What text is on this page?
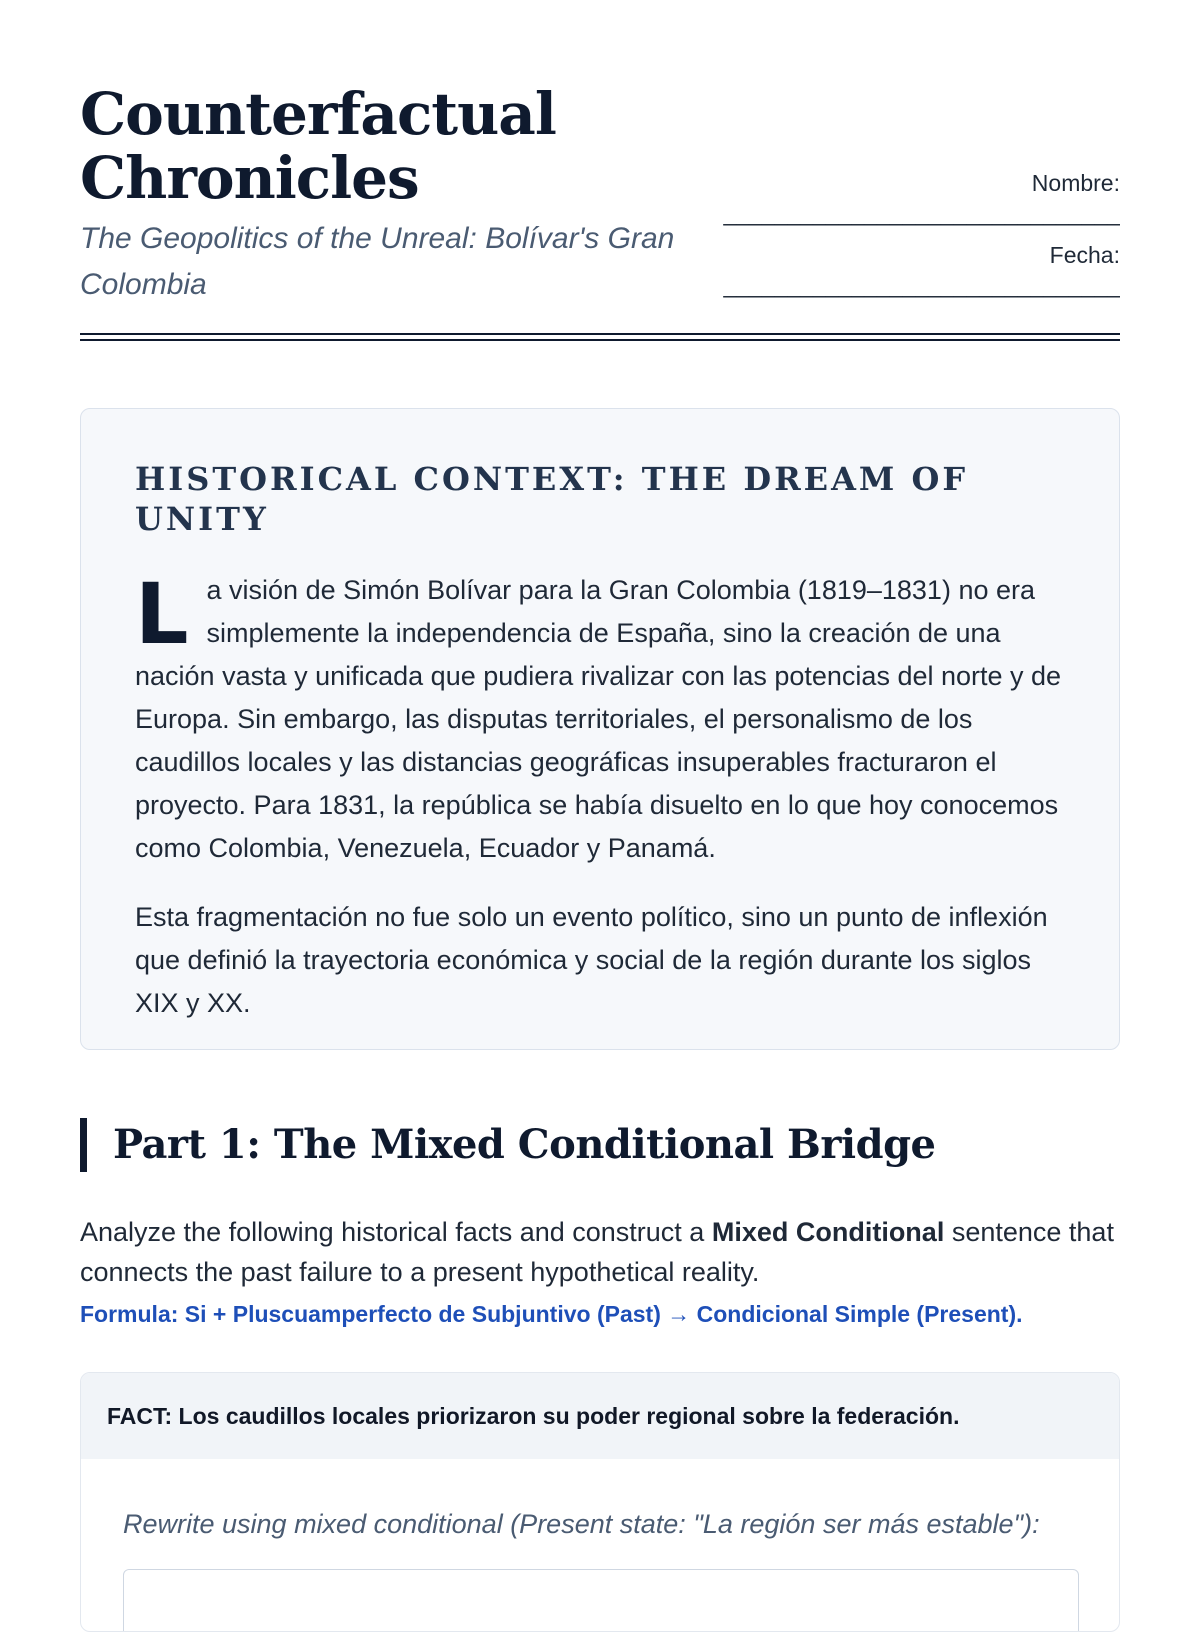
Counterfactual Chronicles

The Geopolitics of the Unreal: Bolívar's Gran Colombia

Nombre:
_______________________________
Fecha:
_______________________________
HISTORICAL CONTEXT: THE DREAM OF UNITY

La visión de Simón Bolívar para la Gran Colombia (1819–1831) no era simplemente la independencia de España, sino la creación de una nación vasta y unificada que pudiera rivalizar con las potencias del norte y de Europa. Sin embargo, las disputas territoriales, el personalismo de los caudillos locales y las distancias geográficas insuperables fracturaron el proyecto. Para 1831, la república se había disuelto en lo que hoy conocemos como Colombia, Venezuela, Ecuador y Panamá.

Esta fragmentación no fue solo un evento político, sino un punto de inflexión que definió la trayectoria económica y social de la región durante los siglos XIX y XX.

Part 1: The Mixed Conditional Bridge

Analyze the following historical facts and construct a Mixed Conditional sentence that connects the past failure to a present hypothetical reality.

Formula: Si + Pluscuamperfecto de Subjuntivo (Past) → Condicional Simple (Present).

FACT: Los caudillos locales priorizaron su poder regional sobre la federación.
Rewrite using mixed conditional (Present state: "La región ser más estable"):
